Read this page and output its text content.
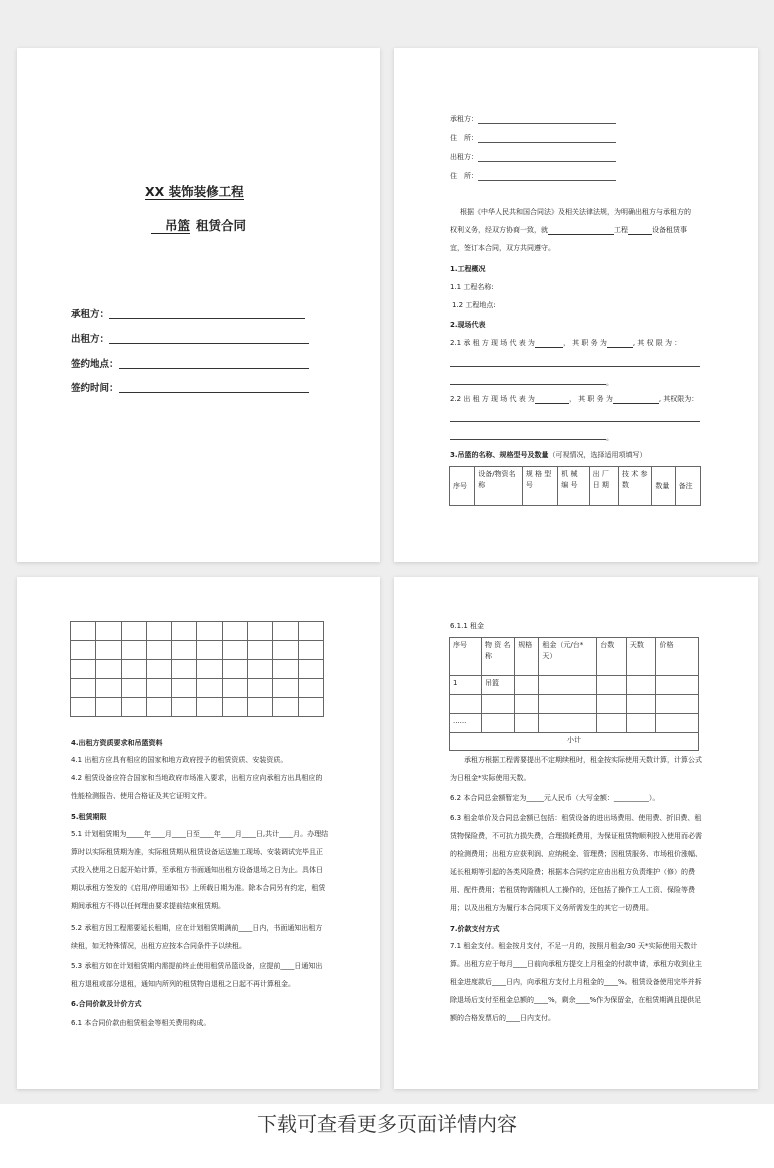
XX 装饰装修工程
吊篮 租赁合同
承租方：
出租方：
签约地点：
签约时间：
承租方：
住　所：
出租方：
住　所：
根据《中华人民共和国合同法》及相关法律法规，为明确出租方与承租方的
权利义务，经双方协商一致，就	工程	设备租赁事
宜，签订本合同，双方共同遵守。
1.工程概况
1.1 工程名称:
1.2 工程地点:
2.现场代表
2.1 承 租 方 现 场 代 表 为	， 其 职 务 为	, 其 权 限 为 ：
。
2.2 出 租 方 现 场 代 表 为	， 其 职 务 为	, 其权限为：
。
3.吊篮的名称、规格型号及数量（可视情况，选择适用项填写）
序号	设备/物资名称	规 格 型 号	机 械 编 号	出 厂 日 期	技 术 参 数	数量	备注

4.出租方资质要求和吊篮资料
4.1 出租方应具有相应的国家和地方政府授予的租赁资质、安装资质。
4.2 租赁设备应符合国家和当地政府市场准入要求，出租方应向承租方出具相应的性能检测报告、使用合格证及其它证明文件。
5.租赁期限
5.1 计划租赁期为_____年____月____日至____年____月____日,共计____月。办理结算时以实际租赁期为准，实际租赁期从租赁设备运送施工现场、安装调试完毕且正式投入使用之日起开始计算，至承租方书面通知出租方设备退场之日为止。具体日期以承租方签发的《启用/停用通知书》上所载日期为准。除本合同另有约定，租赁期间承租方不得以任何理由要求提前结束租赁期。
5.2 承租方因工程需要延长租期，应在计划租赁期满前____日内，书面通知出租方续租，如无特殊情况，出租方应按本合同条件予以续租。
5.3 承租方如在计划租赁期内需提前终止使用租赁吊篮设备，应提前____日通知出租方退租或部分退租，通知内所列的租赁物自退租之日起不再计算租金。
6.合同价款及计价方式
6.1 本合同价款由租赁租金等相关费用构成。
6.1.1 租金
序号	物 资 名 称	规格	租金（元/台*天）	台数	天数	价格
1	吊篮					

......						
小计						
承租方根据工程需要提出不定期续租时，租金按实际使用天数计算，计算公式为日租金*实际使用天数。
6.2 本合同总金额暂定为_____元人民币（大写金额：__________）。
6.3 租金单价及合同总金额已包括：租赁设备的进出场费用、使用费、折旧费、租赁物保险费，不可抗力损失费，合理损耗费用，为保证租赁物顺利投入使用而必需的检测费用；出租方应获利润、应纳税金、管理费；因租赁服务、市场租价涨幅、延长租期等引起的各类风险费；根据本合同约定应由出租方负责维护（修）的费用、配件费用；若租赁物需随机人工操作的，还包括了操作工人工资、保险等费用；以及出租方为履行本合同项下义务所需发生的其它一切费用。
7.价款支付方式
7.1 租金支付。租金按月支付，不足一月的，按照月租金/30 天*实际使用天数计算。出租方应于每月____日前向承租方提交上月租金的付款申请，承租方收到业主租金进度款后____日内，向承租方支付上月租金的____%。租赁设备使用完毕并拆除退场后支付至租金总额的____%，剩余____%作为保留金，在租赁期满且提供足额的合格发票后的____日内支付。
下载可查看更多页面详情内容
